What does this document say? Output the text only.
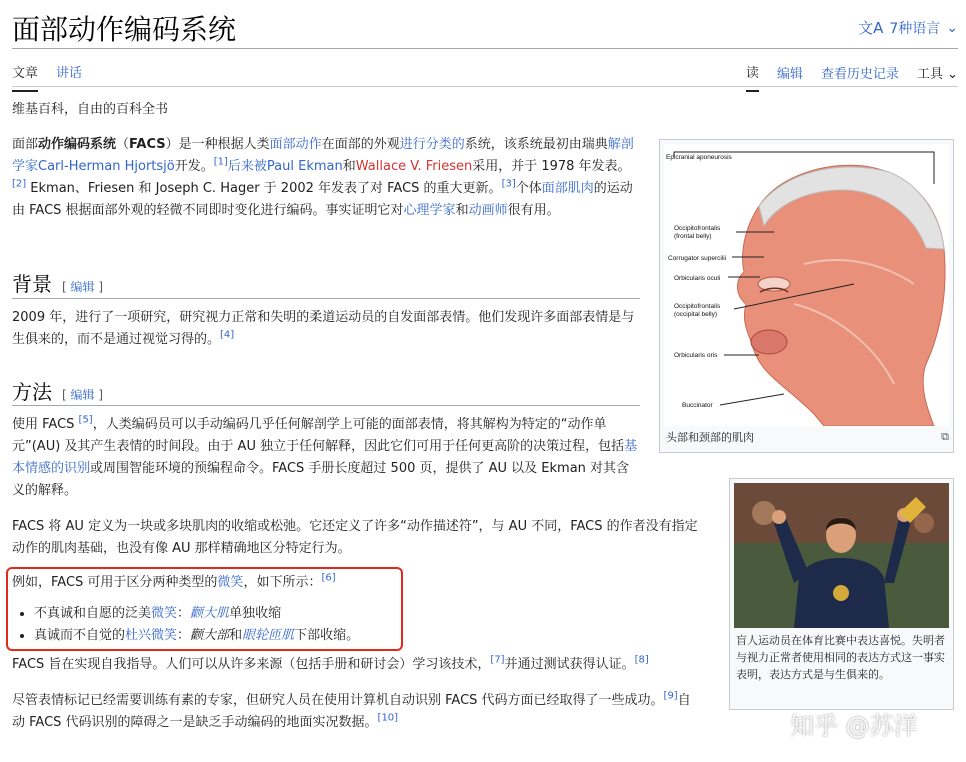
面部动作编码系统	文A 7种语言 ⌄
文章 讲话	读 编辑 查看历史记录 工具 ⌄
维基百科，自由的百科全书
面部动作编码系统（FACS）是一种根据人类面部动作在面部的外观进行分类的系统，该系统最初由瑞典解剖学家Carl-Herman Hjortsjö开发。[1]后来被Paul Ekman和Wallace V. Friesen采用，并于 1978 年发表。[2] Ekman、Friesen 和 Joseph C. Hager 于 2002 年发表了对 FACS 的重大更新。[3]个体面部肌肉的运动由 FACS 根据面部外观的轻微不同即时变化进行编码。事实证明它对心理学家和动画师很有用。
背景 [ 编辑 ]
2009 年，进行了一项研究，研究视力正常和失明的柔道运动员的自发面部表情。他们发现许多面部表情是与生俱来的，而不是通过视觉习得的。[4]
方法 [ 编辑 ]
使用 FACS [5]，人类编码员可以手动编码几乎任何解剖学上可能的面部表情，将其解构为特定的“动作单元”(AU) 及其产生表情的时间段。由于 AU 独立于任何解释，因此它们可用于任何更高阶的决策过程，包括基本情感的识别或周围智能环境的预编程命令。FACS 手册长度超过 500 页，提供了 AU 以及 Ekman 对其含义的解释。
FACS 将 AU 定义为一块或多块肌肉的收缩或松弛。它还定义了许多“动作描述符”，与 AU 不同，FACS 的作者没有指定动作的肌肉基础，也没有像 AU 那样精确地区分特定行为。
例如，FACS 可用于区分两种类型的微笑，如下所示：[6]
• 不真诚和自愿的泛美微笑：颧大肌单独收缩
• 真诚而不自觉的杜兴微笑：颧大部和眼轮匝肌下部收缩。
FACS 旨在实现自我指导。人们可以从许多来源（包括手册和研讨会）学习该技术，[7]并通过测试获得认证。[8]
尽管表情标记已经需要训练有素的专家，但研究人员在使用计算机自动识别 FACS 代码方面已经取得了一些成功。[9]自动 FACS 代码识别的障碍之一是缺乏手动编码的地面实况数据。[10]
Epicranial aponeurosis
Occipitofrontalis
(frontal belly)
Corrugator supercilii
Orbicularis oculi
Occipitofrontalis
(occipital belly)
Orbicularis oris
Buccinator
头部和颈部的肌肉	⧉
盲人运动员在体育比赛中表达喜悦。失明者与视力正常者使用相同的表达方式这一事实表明，表达方式是与生俱来的。
知乎 @苏洋
